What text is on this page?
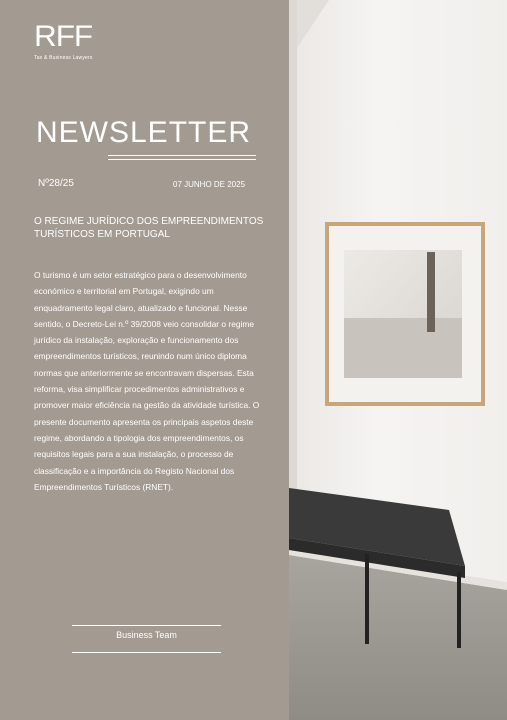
RFF
Tax & Business Lawyers
NEWSLETTER
Nº28/25	07 JUNHO DE 2025
O REGIME JURÍDICO DOS EMPREENDIMENTOS TURÍSTICOS EM PORTUGAL

O turismo é um setor estratégico para o desenvolvimento económico e territorial em Portugal, exigindo um enquadramento legal claro, atualizado e funcional. Nesse sentido, o Decreto-Lei n.º 39/2008 veio consolidar o regime jurídico da instalação, exploração e funcionamento dos empreendimentos turísticos, reunindo num único diploma normas que anteriormente se encontravam dispersas. Esta reforma, visa simplificar procedimentos administrativos e promover maior eficiência na gestão da atividade turística. O presente documento apresenta os principais aspetos deste regime, abordando a tipologia dos empreendimentos, os requisitos legais para a sua instalação, o processo de classificação e a importância do Registo Nacional dos Empreendimentos Turísticos (RNET).

Business Team
